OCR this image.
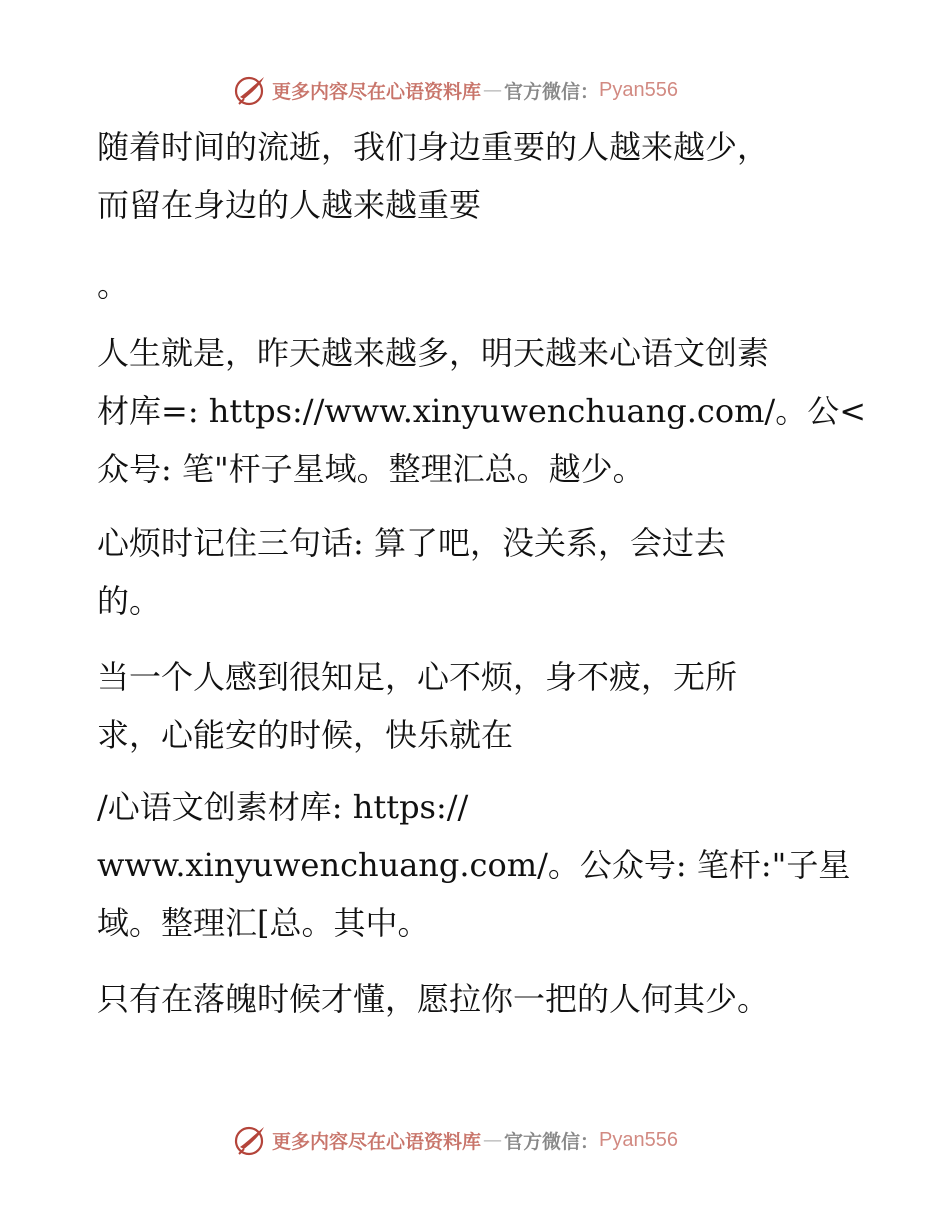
更多内容尽在心语资料库 — 官方微信： Pyan556
随着时间的流逝，我们身边重要的人越来越少，
而留在身边的人越来越重要
。
人生就是，昨天越来越多，明天越来心语文创素
材库=: https://www.xinyuwenchuang.com/。公<
众号: 笔"杆子星域。整理汇总。越少。
心烦时记住三句话: 算了吧，没关系，会过去
的。
当一个人感到很知足，心不烦，身不疲，无所
求，心能安的时候，快乐就在
/心语文创素材库: https://
www.xinyuwenchuang.com/。公众号: 笔杆:"子星
域。整理汇[总。其中。
只有在落魄时候才懂，愿拉你一把的人何其少。
更多内容尽在心语资料库 — 官方微信： Pyan556
